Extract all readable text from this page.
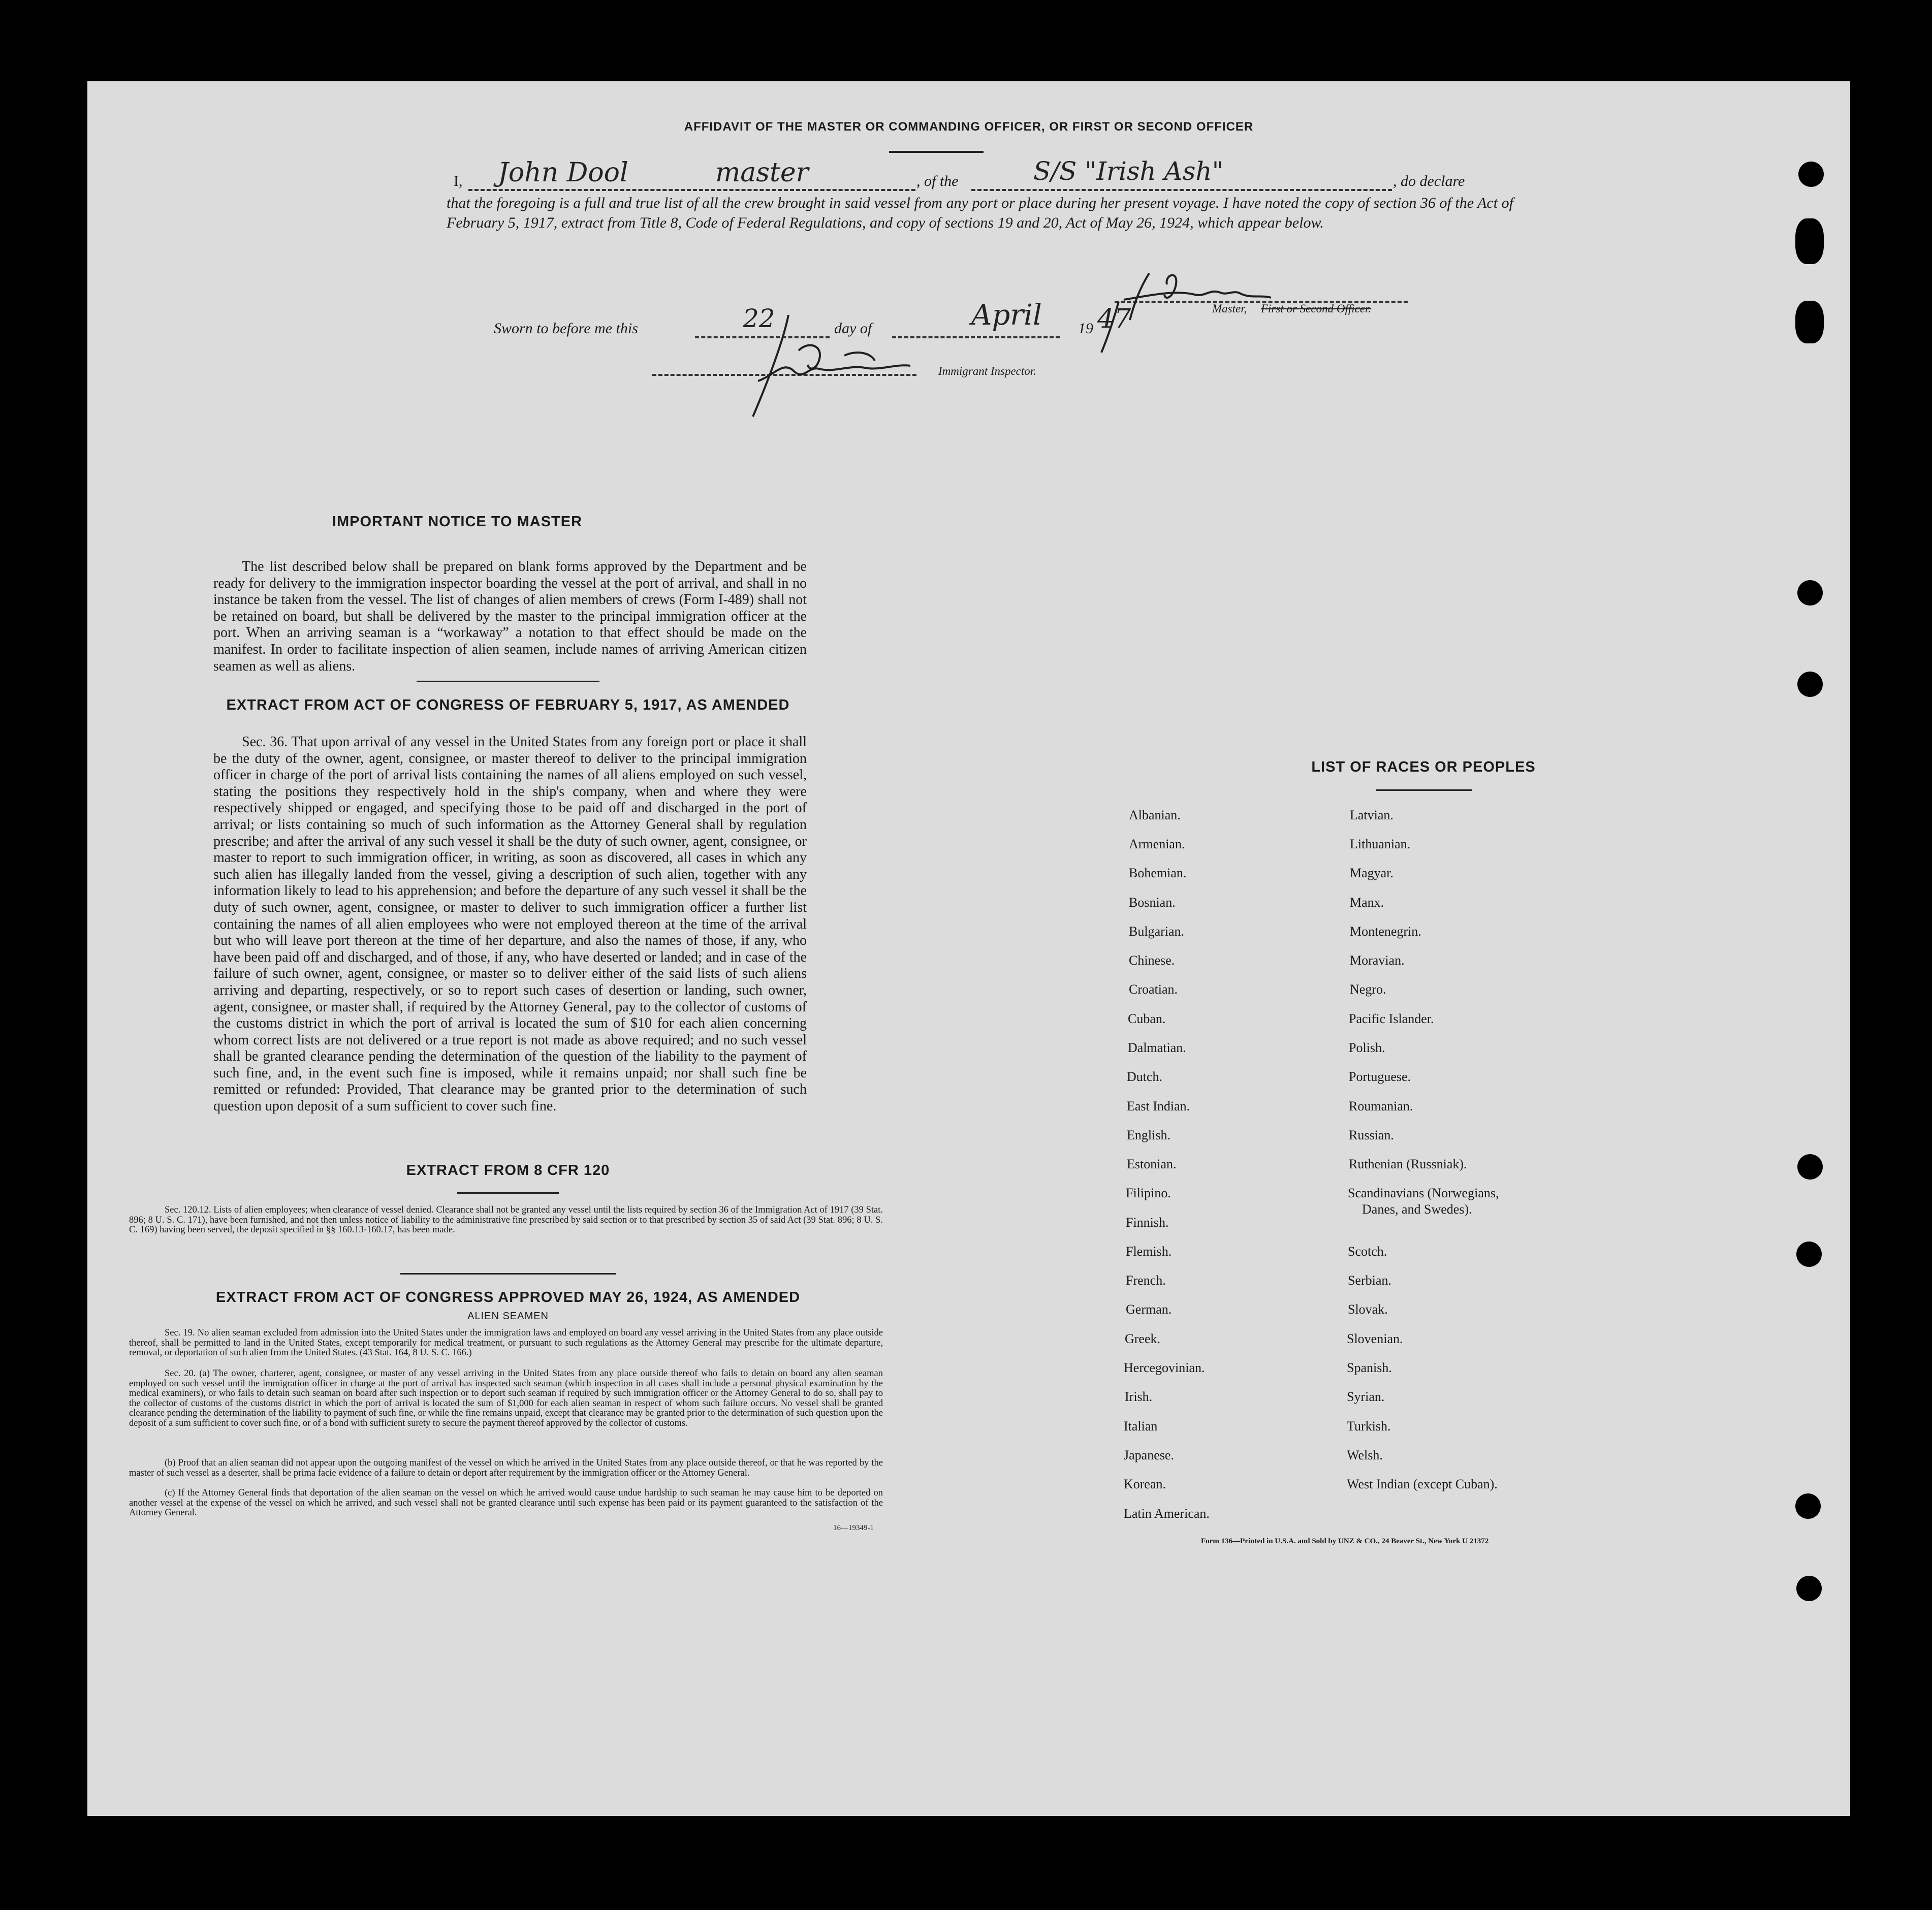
AFFIDAVIT OF THE MASTER OR COMMANDING OFFICER, OR FIRST OR SECOND OFFICER
I, John Dool	master	, of the	S/S "Irish Ash"	, do declare
that the foregoing is a full and true list of all the crew brought in said vessel from any port or place during her present voyage. I have noted the copy of section 36 of the Act of February 5, 1917, extract from Title 8, Code of Federal Regulations, and copy of sections 19 and 20, Act of May 26, 1924, which appear below.
Master, First or Second Officer.
Sworn to before me this	22	day of	April 19 47
Immigrant Inspector.
IMPORTANT NOTICE TO MASTER
The list described below shall be prepared on blank forms approved by the Department and be ready for delivery to the immigration inspector boarding the vessel at the port of arrival, and shall in no instance be taken from the vessel. The list of changes of alien members of crews (Form I-489) shall not be retained on board, but shall be delivered by the master to the principal immigration officer at the port. When an arriving seaman is a “workaway” a notation to that effect should be made on the manifest. In order to facilitate inspection of alien seamen, include names of arriving American citizen seamen as well as aliens.
EXTRACT FROM ACT OF CONGRESS OF FEBRUARY 5, 1917, AS AMENDED
Sec. 36. That upon arrival of any vessel in the United States from any foreign port or place it shall be the duty of the owner, agent, consignee, or master thereof to deliver to the principal immigration officer in charge of the port of arrival lists containing the names of all aliens employed on such vessel, stating the positions they respectively hold in the ship's company, when and where they were respectively shipped or engaged, and specifying those to be paid off and discharged in the port of arrival; or lists containing so much of such information as the Attorney General shall by regulation prescribe; and after the arrival of any such vessel it shall be the duty of such owner, agent, consignee, or master to report to such immigration officer, in writing, as soon as discovered, all cases in which any such alien has illegally landed from the vessel, giving a description of such alien, together with any information likely to lead to his apprehension; and before the departure of any such vessel it shall be the duty of such owner, agent, consignee, or master to deliver to such immigration officer a further list containing the names of all alien employees who were not employed thereon at the time of the arrival but who will leave port thereon at the time of her departure, and also the names of those, if any, who have been paid off and discharged, and of those, if any, who have deserted or landed; and in case of the failure of such owner, agent, consignee, or master so to deliver either of the said lists of such aliens arriving and departing, respectively, or so to report such cases of desertion or landing, such owner, agent, consignee, or master shall, if required by the Attorney General, pay to the collector of customs of the customs district in which the port of arrival is located the sum of $10 for each alien concerning whom correct lists are not delivered or a true report is not made as above required; and no such vessel shall be granted clearance pending the determination of the question of the liability to the payment of such fine, and, in the event such fine is imposed, while it remains unpaid; nor shall such fine be remitted or refunded: Provided, That clearance may be granted prior to the determination of such question upon deposit of a sum sufficient to cover such fine.
EXTRACT FROM 8 CFR 120
Sec. 120.12. Lists of alien employees; when clearance of vessel denied. Clearance shall not be granted any vessel until the lists required by section 36 of the Immigration Act of 1917 (39 Stat. 896; 8 U. S. C. 171), have been furnished, and not then unless notice of liability to the administrative fine prescribed by said section or to that prescribed by section 35 of said Act (39 Stat. 896; 8 U. S. C. 169) having been served, the deposit specified in §§ 160.13-160.17, has been made.
EXTRACT FROM ACT OF CONGRESS APPROVED MAY 26, 1924, AS AMENDED
ALIEN SEAMEN
Sec. 19. No alien seaman excluded from admission into the United States under the immigration laws and employed on board any vessel arriving in the United States from any place outside thereof, shall be permitted to land in the United States, except temporarily for medical treatment, or pursuant to such regulations as the Attorney General may prescribe for the ultimate departure, removal, or deportation of such alien from the United States. (43 Stat. 164, 8 U. S. C. 166.)
Sec. 20. (a) The owner, charterer, agent, consignee, or master of any vessel arriving in the United States from any place outside thereof who fails to detain on board any alien seaman employed on such vessel until the immigration officer in charge at the port of arrival has inspected such seaman (which inspection in all cases shall include a personal physical examination by the medical examiners), or who fails to detain such seaman on board after such inspection or to deport such seaman if required by such immigration officer or the Attorney General to do so, shall pay to the collector of customs of the customs district in which the port of arrival is located the sum of $1,000 for each alien seaman in respect of whom such failure occurs. No vessel shall be granted clearance pending the determination of the liability to payment of such fine, or while the fine remains unpaid, except that clearance may be granted prior to the determination of such question upon the deposit of a sum sufficient to cover such fine, or of a bond with sufficient surety to secure the payment thereof approved by the collector of customs.
(b) Proof that an alien seaman did not appear upon the outgoing manifest of the vessel on which he arrived in the United States from any place outside thereof, or that he was reported by the master of such vessel as a deserter, shall be prima facie evidence of a failure to detain or deport after requirement by the immigration officer or the Attorney General.
(c) If the Attorney General finds that deportation of the alien seaman on the vessel on which he arrived would cause undue hardship to such seaman he may cause him to be deported on another vessel at the expense of the vessel on which he arrived, and such vessel shall not be granted clearance until such expense has been paid or its payment guaranteed to the satisfaction of the Attorney General.
16—19349-1
LIST OF RACES OR PEOPLES
Albanian.
Armenian.
Bohemian.
Bosnian.
Bulgarian.
Chinese.
Croatian.
Cuban.
Dalmatian.
Dutch.
East Indian.
English.
Estonian.
Filipino.
Finnish.
Flemish.
French.
German.
Greek.
Hercegovinian.
Irish.
Italian
Japanese.
Korean.
Latin American.
Latvian.
Lithuanian.
Magyar.
Manx.
Montenegrin.
Moravian.
Negro.
Pacific Islander.
Polish.
Portuguese.
Roumanian.
Russian.
Ruthenian (Russniak).
Scandinavians (Norwegians,
Danes, and Swedes).
Scotch.
Serbian.
Slovak.
Slovenian.
Spanish.
Syrian.
Turkish.
Welsh.
West Indian (except Cuban).
Form 136—Printed in U.S.A. and Sold by UNZ & CO., 24 Beaver St., New York U 21372
